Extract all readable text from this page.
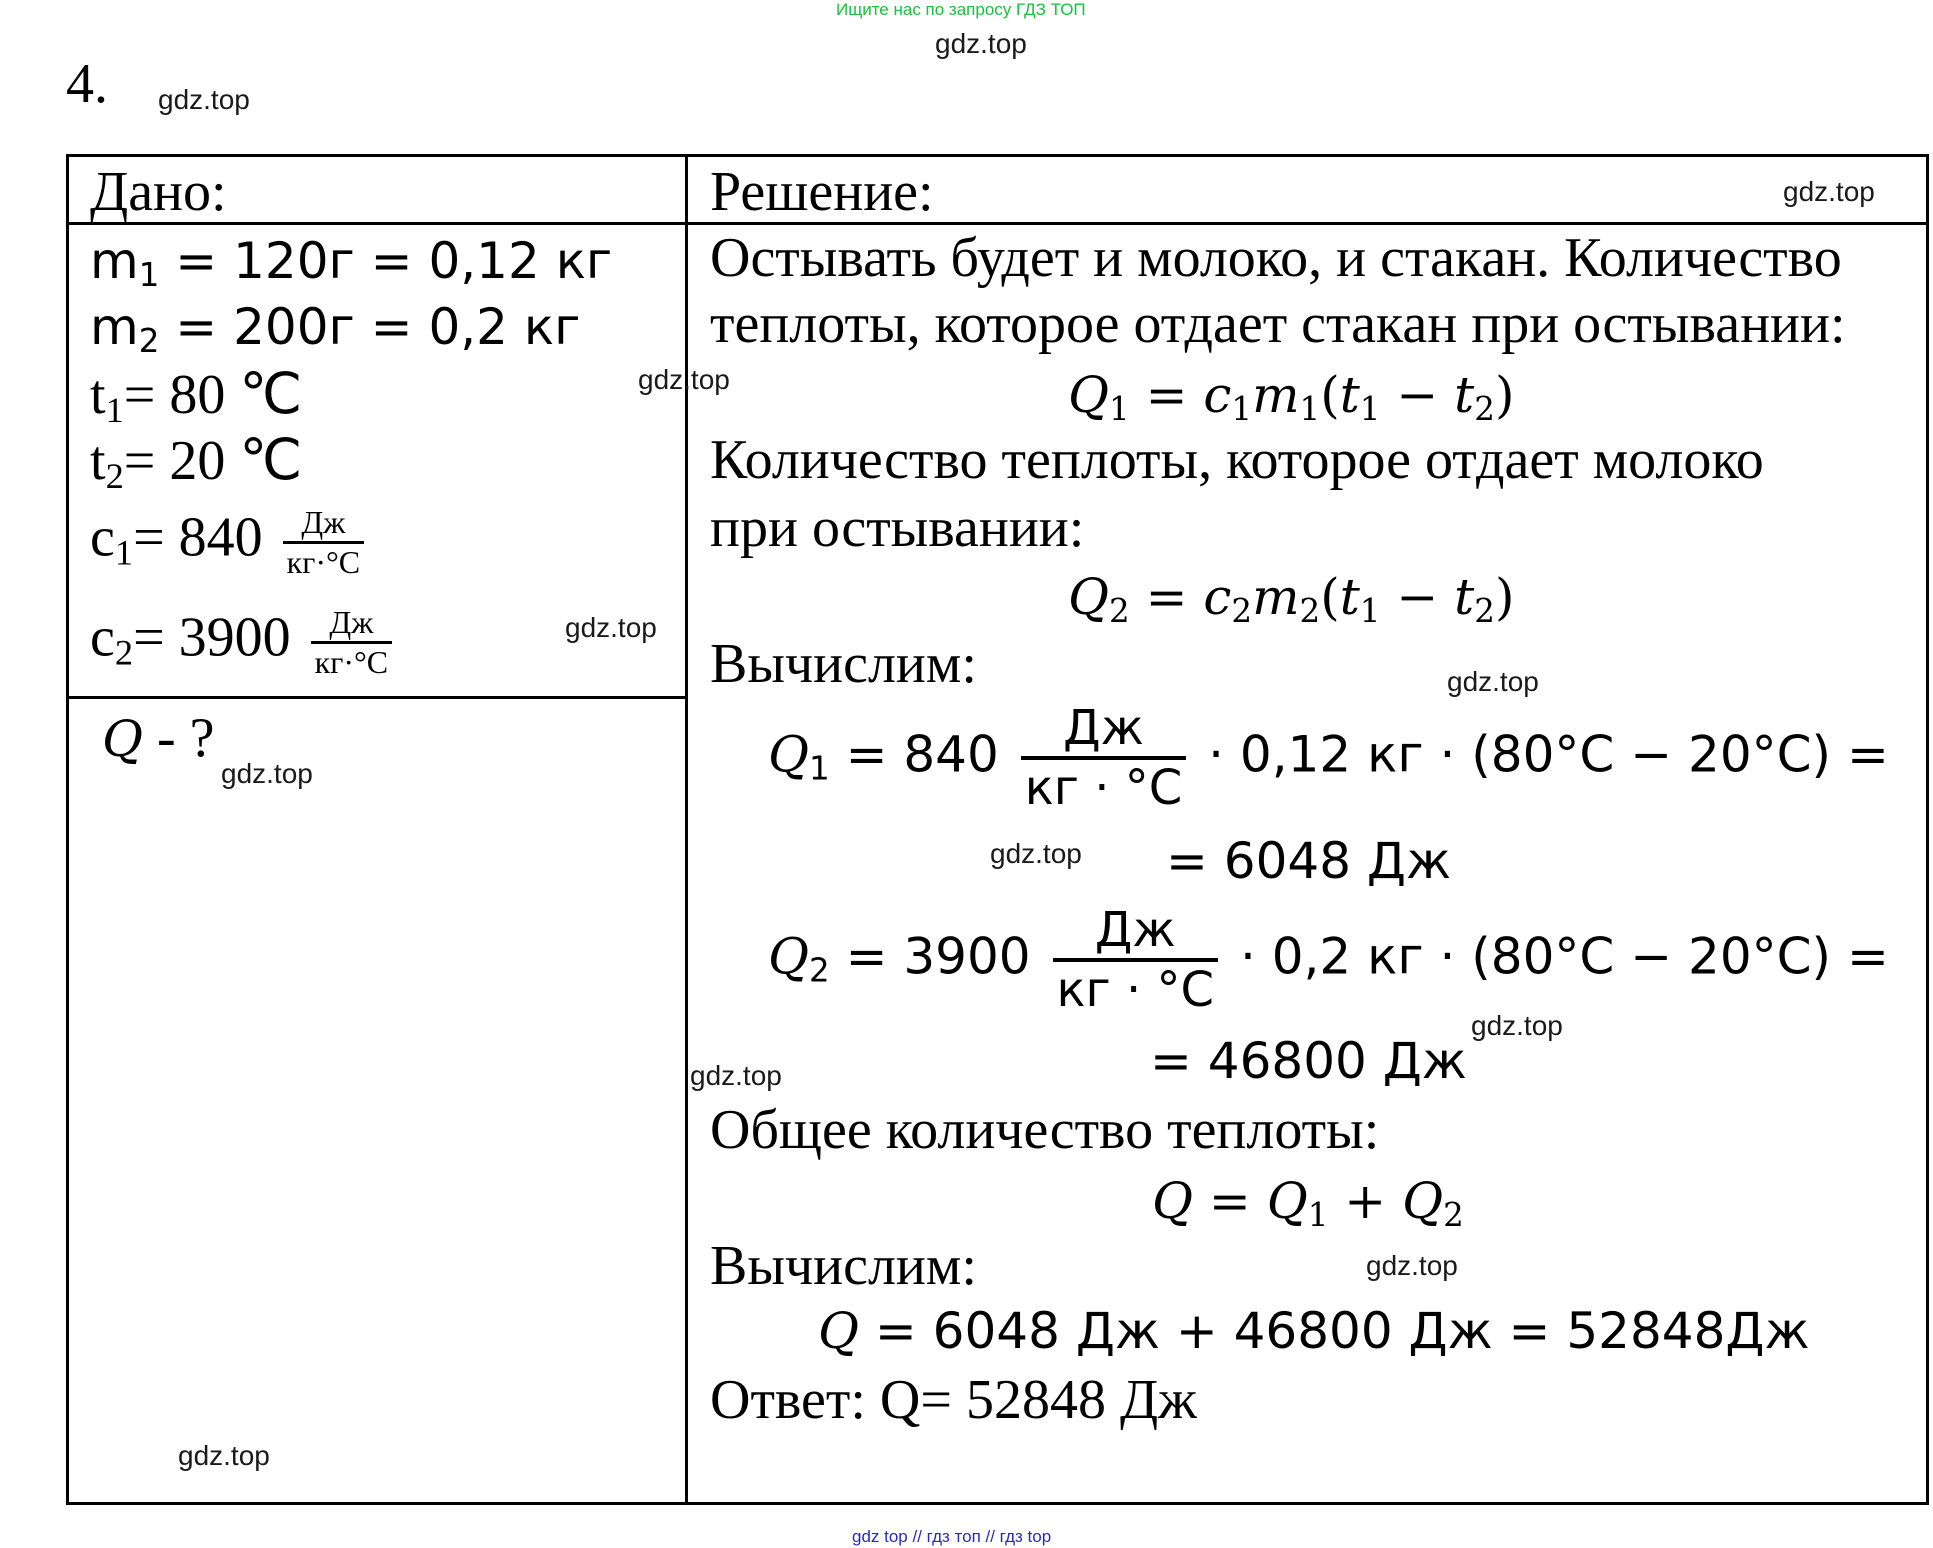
Ищите нас по запросу ГДЗ ТОП
gdz.top
4. gdz.top
Дано:	Решение:	gdz.top
$m_1 = 120г = 0,12$ кг
$m_2 = 200г = 0,2$ кг
$t_1= 80$ ℃	gdz.top
$t_2= 20$ ℃
$c_1= 840 \frac{Дж}{кг\cdot^\circ С}$
$c_2= 3900 \frac{Дж}{кг\cdot^\circ С}$	gdz.top
Q - ?
gdz.top
gdz.top
Остывать будет и молоко, и стакан. Количество
теплоты, которое отдает стакан при остывании:
$Q_1 = c_1m_1(t_1 - t_2)$
Количество теплоты, которое отдает молоко
при остывании:
$Q_2 = c_2m_2(t_1 - t_2)$
Вычислим:	gdz.top
$Q_1 = 840 \frac{Дж}{кг \cdot ^\circ С} \cdot 0,12$ кг · (80°С − 20°С) =
gdz.top = 6048 Дж
$Q_2 = 3900 \frac{Дж}{кг \cdot ^\circ С} \cdot 0,2$ кг · (80°С − 20°С) =
gdz.top
= 46800 Дж
gdz.top
Общее количество теплоты:
$Q = Q_1 + Q_2$
Вычислим:	gdz.top
Q = 6048 Дж + 46800 Дж = 52848Дж
Ответ: Q= 52848 Дж
gdz top // гдз топ // гдз top
